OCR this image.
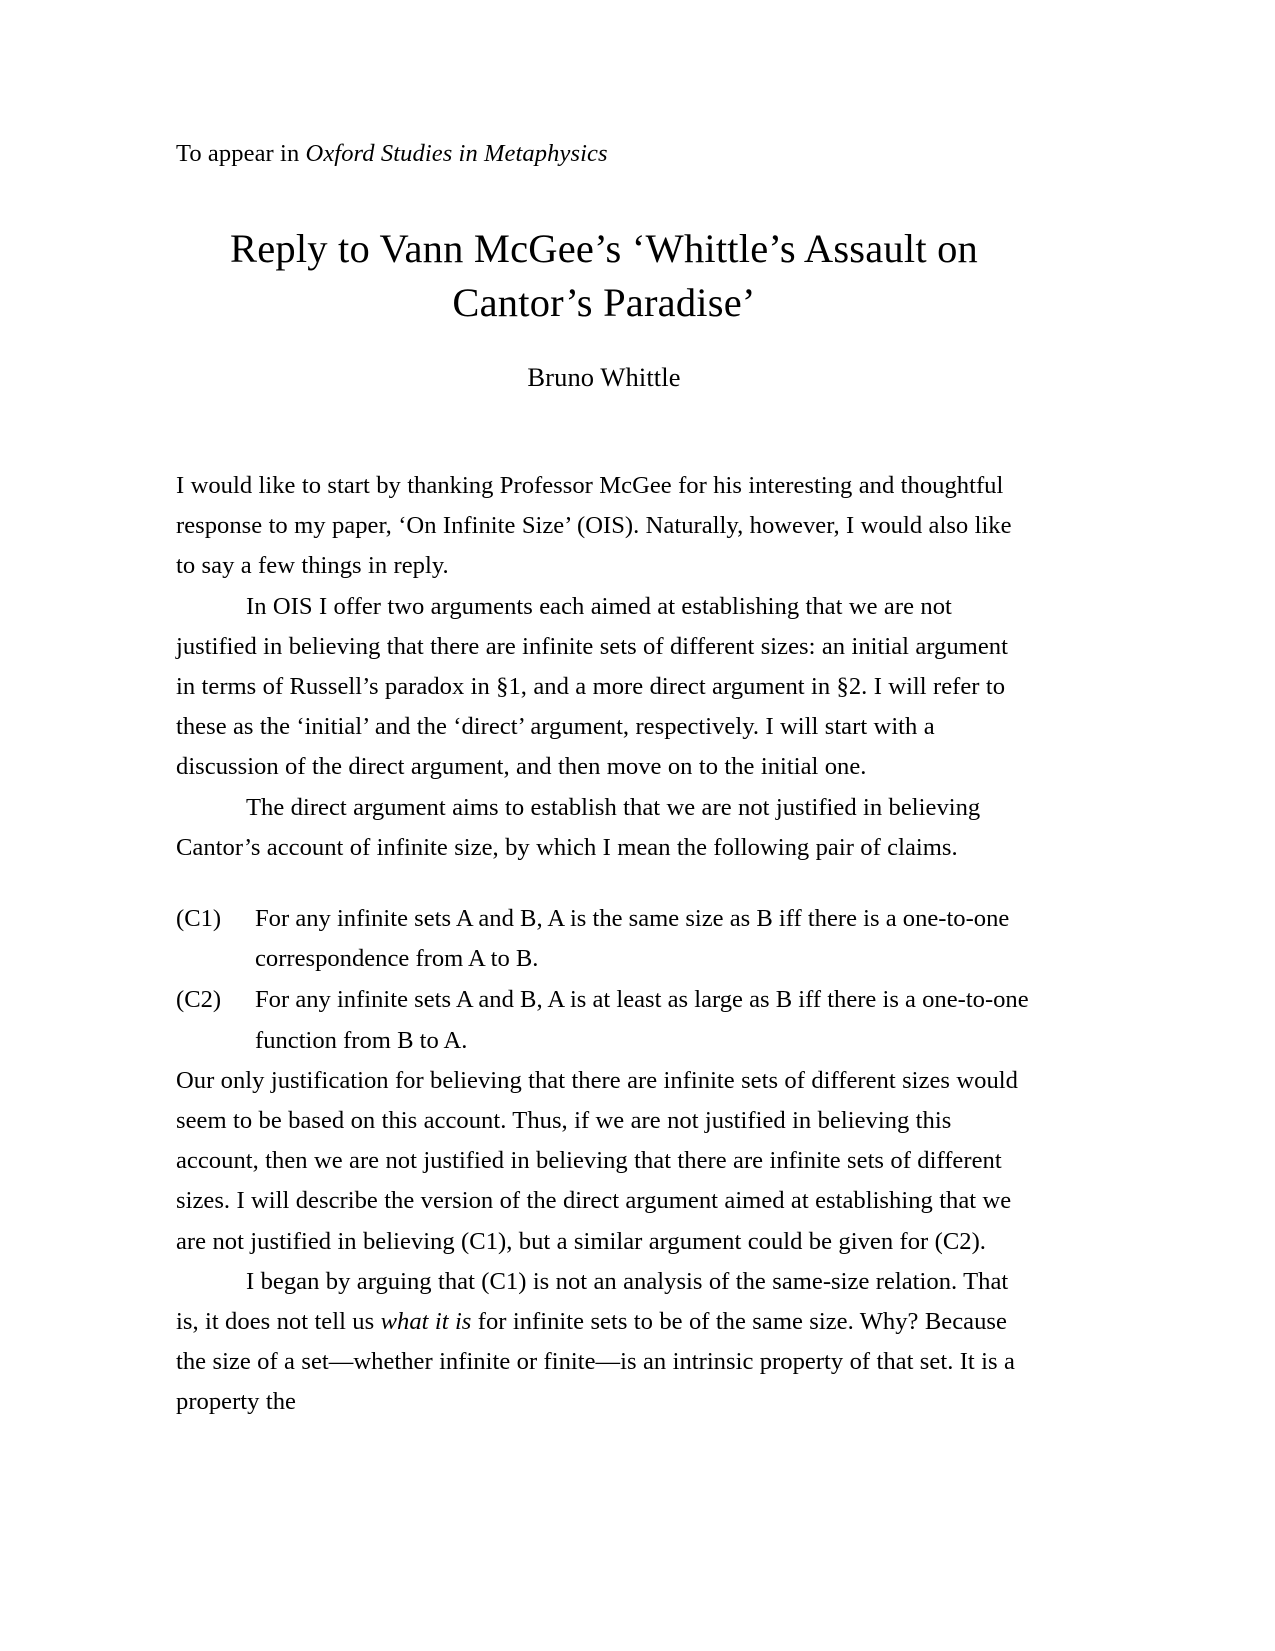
To appear in Oxford Studies in Metaphysics
Reply to Vann McGee’s ‘Whittle’s Assault on Cantor’s Paradise’
Bruno Whittle

I would like to start by thanking Professor McGee for his interesting and thoughtful response to my paper, ‘On Infinite Size’ (OIS). Naturally, however, I would also like to say a few things in reply.

In OIS I offer two arguments each aimed at establishing that we are not justified in believing that there are infinite sets of different sizes: an initial argument in terms of Russell’s paradox in §1, and a more direct argument in §2. I will refer to these as the ‘initial’ and the ‘direct’ argument, respectively. I will start with a discussion of the direct argument, and then move on to the initial one.

The direct argument aims to establish that we are not justified in believing Cantor’s account of infinite size, by which I mean the following pair of claims.

(C1)	For any infinite sets A and B, A is the same size as B iff there is a one-to-one correspondence from A to B.
(C2)	For any infinite sets A and B, A is at least as large as B iff there is a one-to-one function from B to A.

Our only justification for believing that there are infinite sets of different sizes would seem to be based on this account. Thus, if we are not justified in believing this account, then we are not justified in believing that there are infinite sets of different sizes. I will describe the version of the direct argument aimed at establishing that we are not justified in believing (C1), but a similar argument could be given for (C2).

I began by arguing that (C1) is not an analysis of the same-size relation. That is, it does not tell us what it is for infinite sets to be of the same size. Why? Because the size of a set—whether infinite or finite—is an intrinsic property of that set. It is a property the
